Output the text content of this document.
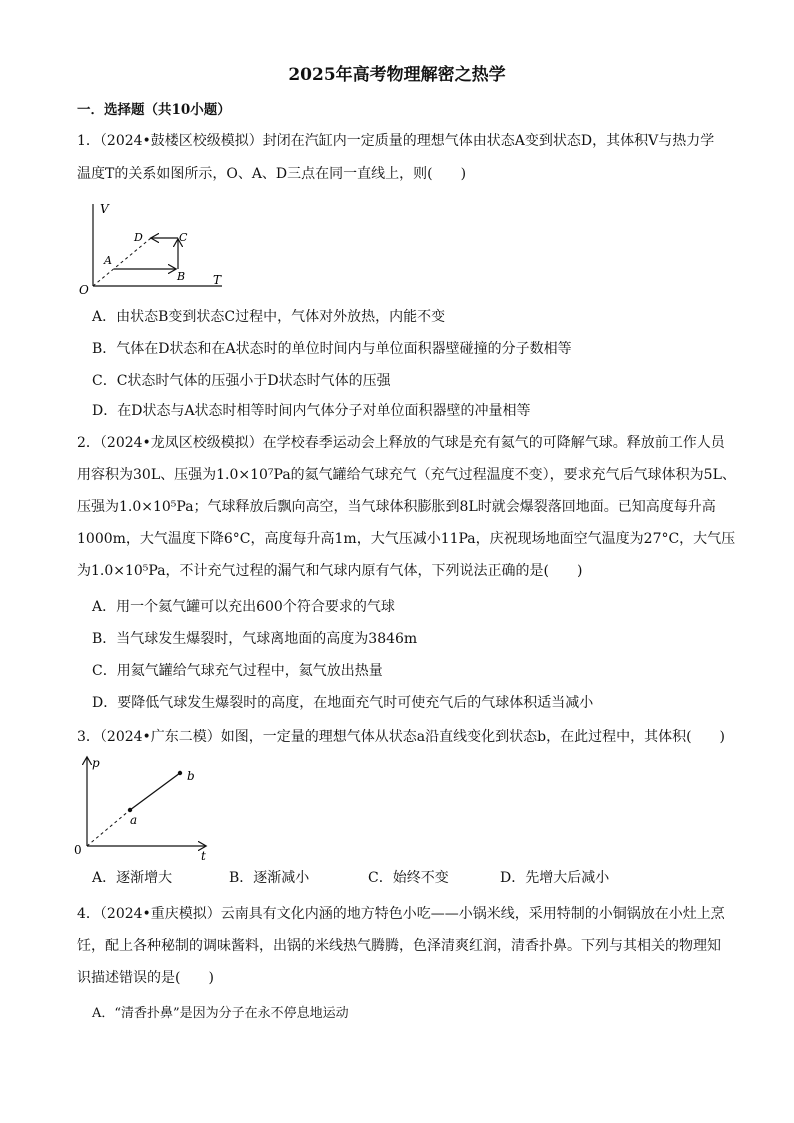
2025年高考物理解密之热学
一．选择题（共10小题）
1．（2024•鼓楼区校级模拟）封闭在汽缸内一定质量的理想气体由状态A变到状态D，其体积V与热力学
温度T的关系如图所示，O、A、D三点在同一直线上，则(　　)
V
T
O
A
B
C
D
A．由状态B变到状态C过程中，气体对外放热，内能不变
B．气体在D状态和在A状态时的单位时间内与单位面积器壁碰撞的分子数相等
C．C状态时气体的压强小于D状态时气体的压强
D．在D状态与A状态时相等时间内气体分子对单位面积器壁的冲量相等
2．（2024•龙凤区校级模拟）在学校春季运动会上释放的气球是充有氦气的可降解气球。释放前工作人员
用容积为30L、压强为1.0×10⁷Pa的氦气罐给气球充气（充气过程温度不变），要求充气后气球体积为5L、
压强为1.0×10⁵Pa；气球释放后飘向高空，当气球体积膨胀到8L时就会爆裂落回地面。已知高度每升高
1000m，大气温度下降6°C，高度每升高1m，大气压减小11Pa，庆祝现场地面空气温度为27°C，大气压
为1.0×10⁵Pa，不计充气过程的漏气和气球内原有气体，下列说法正确的是(　　)
A．用一个氦气罐可以充出600个符合要求的气球
B．当气球发生爆裂时，气球离地面的高度为3846m
C．用氦气罐给气球充气过程中，氦气放出热量
D．要降低气球发生爆裂时的高度，在地面充气时可使充气后的气球体积适当减小
3．（2024•广东二模）如图，一定量的理想气体从状态a沿直线变化到状态b，在此过程中，其体积(　　)
p
t
0
a
b
A．逐渐增大	B．逐渐减小	C．始终不变	D．先增大后减小
4．（2024•重庆模拟）云南具有文化内涵的地方特色小吃——小锅米线，采用特制的小铜锅放在小灶上烹
饪，配上各种秘制的调味酱料，出锅的米线热气腾腾，色泽清爽红润，清香扑鼻。下列与其相关的物理知
识描述错误的是(　　)
A．“清香扑鼻”是因为分子在永不停息地运动
